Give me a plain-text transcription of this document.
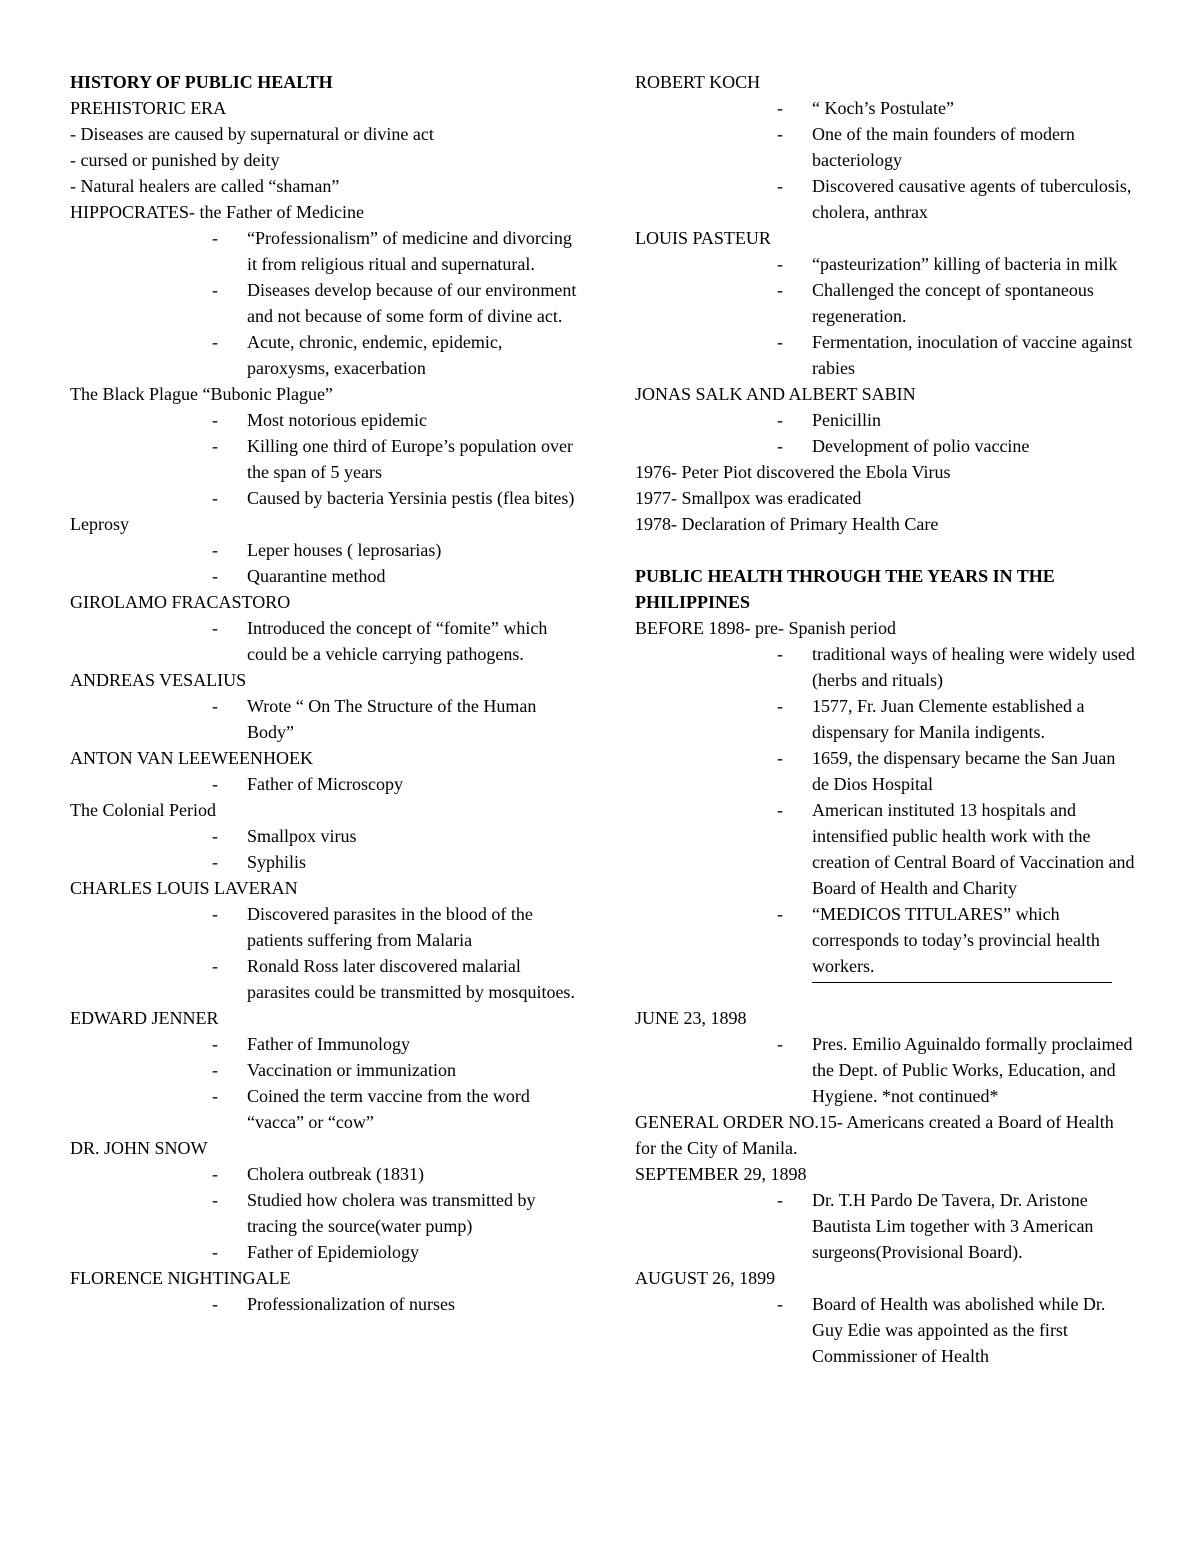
HISTORY OF PUBLIC HEALTH
PREHISTORIC ERA
- Diseases are caused by supernatural or divine act
- cursed or punished by deity
- Natural healers are called “shaman”
HIPPOCRATES- the Father of Medicine
- “Professionalism” of medicine and divorcing it from religious ritual and supernatural.
- Diseases develop because of our environment and not because of some form of divine act.
- Acute, chronic, endemic, epidemic, paroxysms, exacerbation
The Black Plague “Bubonic Plague”
- Most notorious epidemic
- Killing one third of Europe’s population over the span of 5 years
- Caused by bacteria Yersinia pestis (flea bites)
Leprosy
- Leper houses ( leprosarias)
- Quarantine method
GIROLAMO FRACASTORO
- Introduced the concept of “fomite” which could be a vehicle carrying pathogens.
ANDREAS VESALIUS
- Wrote “ On The Structure of the Human Body”
ANTON VAN LEEWEENHOEK
- Father of Microscopy
The Colonial Period
- Smallpox virus
- Syphilis
CHARLES LOUIS LAVERAN
- Discovered parasites in the blood of the patients suffering from Malaria
- Ronald Ross later discovered malarial parasites could be transmitted by mosquitoes.
EDWARD JENNER
- Father of Immunology
- Vaccination or immunization
- Coined the term vaccine from the word “vacca” or “cow”
DR. JOHN SNOW
- Cholera outbreak (1831)
- Studied how cholera was transmitted by tracing the source(water pump)
- Father of Epidemiology
FLORENCE NIGHTINGALE
- Professionalization of nurses
ROBERT KOCH
- “ Koch’s Postulate”
- One of the main founders of modern bacteriology
- Discovered causative agents of tuberculosis, cholera, anthrax
LOUIS PASTEUR
- “pasteurization” killing of bacteria in milk
- Challenged the concept of spontaneous regeneration.
- Fermentation, inoculation of vaccine against rabies
JONAS SALK AND ALBERT SABIN
- Penicillin
- Development of polio vaccine
1976- Peter Piot discovered the Ebola Virus
1977- Smallpox was eradicated
1978- Declaration of Primary Health Care
PUBLIC HEALTH THROUGH THE YEARS IN THE PHILIPPINES
BEFORE 1898- pre- Spanish period
- traditional ways of healing were widely used (herbs and rituals)
- 1577, Fr. Juan Clemente established a dispensary for Manila indigents.
- 1659, the dispensary became the San Juan de Dios Hospital
- American instituted 13 hospitals and intensified public health work with the creation of Central Board of Vaccination and Board of Health and Charity
- “MEDICOS TITULARES” which corresponds to today’s provincial health workers.
JUNE 23, 1898
- Pres. Emilio Aguinaldo formally proclaimed the Dept. of Public Works, Education, and Hygiene. *not continued*
GENERAL ORDER NO.15- Americans created a Board of Health for the City of Manila.
SEPTEMBER 29, 1898
- Dr. T.H Pardo De Tavera, Dr. Aristone Bautista Lim together with 3 American surgeons(Provisional Board).
AUGUST 26, 1899
- Board of Health was abolished while Dr. Guy Edie was appointed as the first Commissioner of Health
